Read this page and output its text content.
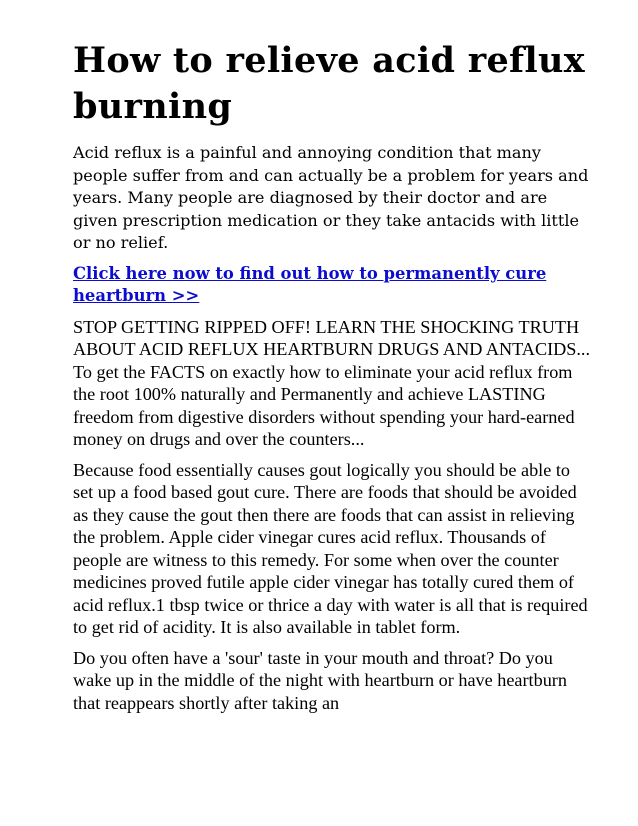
How to relieve acid reflux burning

Acid reflux is a painful and annoying condition that many people suffer from and can actually be a problem for years and years. Many people are diagnosed by their doctor and are given prescription medication or they take antacids with little or no relief.

Click here now to find out how to permanently cure heartburn >>

STOP GETTING RIPPED OFF! LEARN THE SHOCKING TRUTH ABOUT ACID REFLUX HEARTBURN DRUGS AND ANTACIDS... To get the FACTS on exactly how to eliminate your acid reflux from the root 100% naturally and Permanently and achieve LASTING freedom from digestive disorders without spending your hard-earned money on drugs and over the counters...

Because food essentially causes gout logically you should be able to set up a food based gout cure. There are foods that should be avoided as they cause the gout then there are foods that can assist in relieving the problem. Apple cider vinegar cures acid reflux. Thousands of people are witness to this remedy. For some when over the counter medicines proved futile apple cider vinegar has totally cured them of acid reflux.1 tbsp twice or thrice a day with water is all that is required to get rid of acidity. It is also available in tablet form.

Do you often have a 'sour' taste in your mouth and throat? Do you wake up in the middle of the night with heartburn or have heartburn that reappears shortly after taking an
